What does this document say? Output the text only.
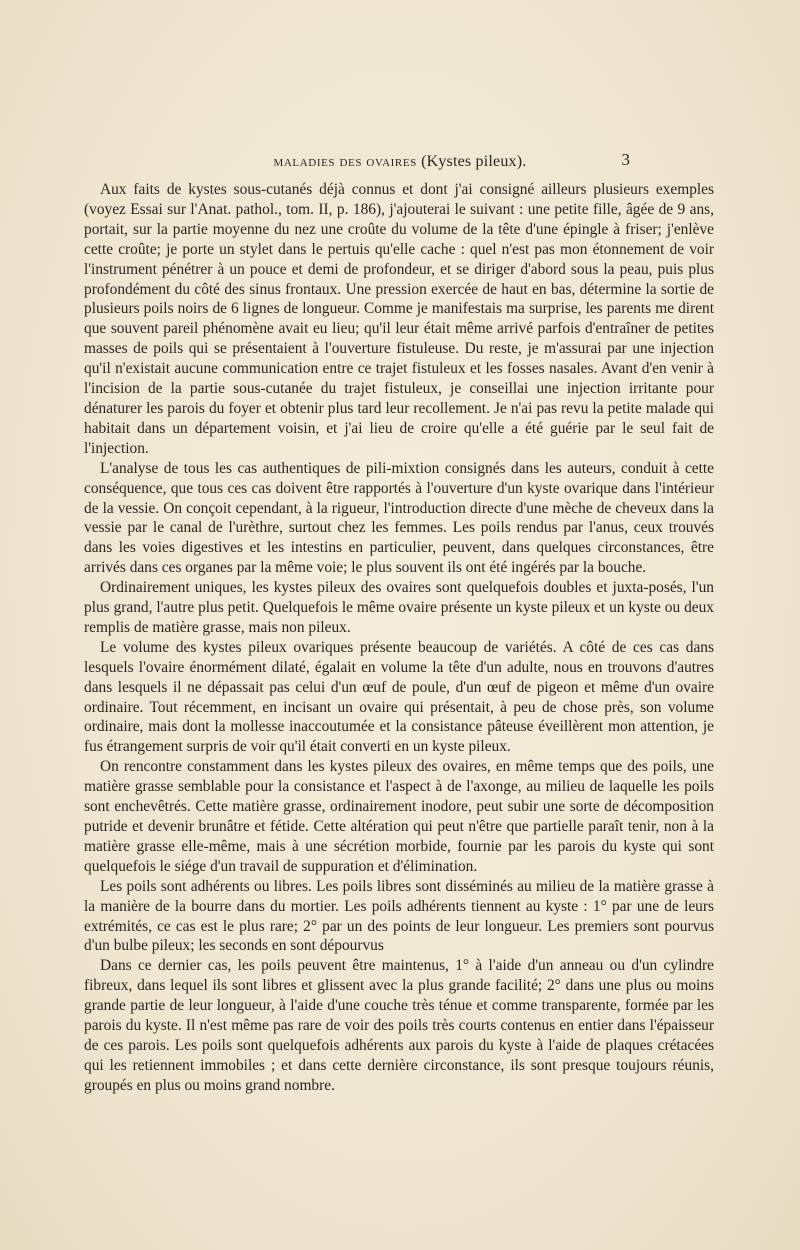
maladies des ovaires (Kystes pileux).	3

Aux faits de kystes sous-cutanés déjà connus et dont j'ai consigné ailleurs plusieurs exemples (voyez Essai sur l'Anat. pathol., tom. II, p. 186), j'ajouterai le suivant : une petite fille, âgée de 9 ans, portait, sur la partie moyenne du nez une croûte du volume de la tête d'une épingle à friser; j'enlève cette croûte; je porte un stylet dans le pertuis qu'elle cache : quel n'est pas mon étonnement de voir l'instrument pénétrer à un pouce et demi de profondeur, et se diriger d'abord sous la peau, puis plus profondément du côté des sinus frontaux. Une pression exercée de haut en bas, détermine la sortie de plusieurs poils noirs de 6 lignes de longueur. Comme je manifestais ma surprise, les parents me dirent que souvent pareil phénomène avait eu lieu; qu'il leur était même arrivé parfois d'entraîner de petites masses de poils qui se présentaient à l'ouverture fistuleuse. Du reste, je m'assurai par une injection qu'il n'existait aucune communication entre ce trajet fistuleux et les fosses nasales. Avant d'en venir à l'incision de la partie sous-cutanée du trajet fistuleux, je conseillai une injection irritante pour dénaturer les parois du foyer et obtenir plus tard leur recollement. Je n'ai pas revu la petite malade qui habitait dans un département voisin, et j'ai lieu de croire qu'elle a été guérie par le seul fait de l'injection.

L'analyse de tous les cas authentiques de pili-mixtion consignés dans les auteurs, conduit à cette conséquence, que tous ces cas doivent être rapportés à l'ouverture d'un kyste ovarique dans l'intérieur de la vessie. On conçoit cependant, à la rigueur, l'introduction directe d'une mèche de cheveux dans la vessie par le canal de l'urèthre, surtout chez les femmes. Les poils rendus par l'anus, ceux trouvés dans les voies digestives et les intestins en particulier, peuvent, dans quelques circonstances, être arrivés dans ces organes par la même voie; le plus souvent ils ont été ingérés par la bouche.

Ordinairement uniques, les kystes pileux des ovaires sont quelquefois doubles et juxta-posés, l'un plus grand, l'autre plus petit. Quelquefois le même ovaire présente un kyste pileux et un kyste ou deux remplis de matière grasse, mais non pileux.

Le volume des kystes pileux ovariques présente beaucoup de variétés. A côté de ces cas dans lesquels l'ovaire énormément dilaté, égalait en volume la tête d'un adulte, nous en trouvons d'autres dans lesquels il ne dépassait pas celui d'un œuf de poule, d'un œuf de pigeon et même d'un ovaire ordinaire. Tout récemment, en incisant un ovaire qui présentait, à peu de chose près, son volume ordinaire, mais dont la mollesse inaccoutumée et la consistance pâteuse éveillèrent mon attention, je fus étrangement surpris de voir qu'il était converti en un kyste pileux.

On rencontre constamment dans les kystes pileux des ovaires, en même temps que des poils, une matière grasse semblable pour la consistance et l'aspect à de l'axonge, au milieu de laquelle les poils sont enchevêtrés. Cette matière grasse, ordinairement inodore, peut subir une sorte de décomposition putride et devenir brunâtre et fétide. Cette altération qui peut n'être que partielle paraît tenir, non à la matière grasse elle-même, mais à une sécrétion morbide, fournie par les parois du kyste qui sont quelquefois le siége d'un travail de suppuration et d'élimination.

Les poils sont adhérents ou libres. Les poils libres sont disséminés au milieu de la matière grasse à la manière de la bourre dans du mortier. Les poils adhérents tiennent au kyste : 1° par une de leurs extrémités, ce cas est le plus rare; 2° par un des points de leur longueur. Les premiers sont pourvus d'un bulbe pileux; les seconds en sont dépourvus

Dans ce dernier cas, les poils peuvent être maintenus, 1° à l'aide d'un anneau ou d'un cylindre fibreux, dans lequel ils sont libres et glissent avec la plus grande facilité; 2° dans une plus ou moins grande partie de leur longueur, à l'aide d'une couche très ténue et comme transparente, formée par les parois du kyste. Il n'est même pas rare de voir des poils très courts contenus en entier dans l'épaisseur de ces parois. Les poils sont quelquefois adhérents aux parois du kyste à l'aide de plaques crétacées qui les retiennent immobiles ; et dans cette dernière circonstance, ils sont presque toujours réunis, groupés en plus ou moins grand nombre.
